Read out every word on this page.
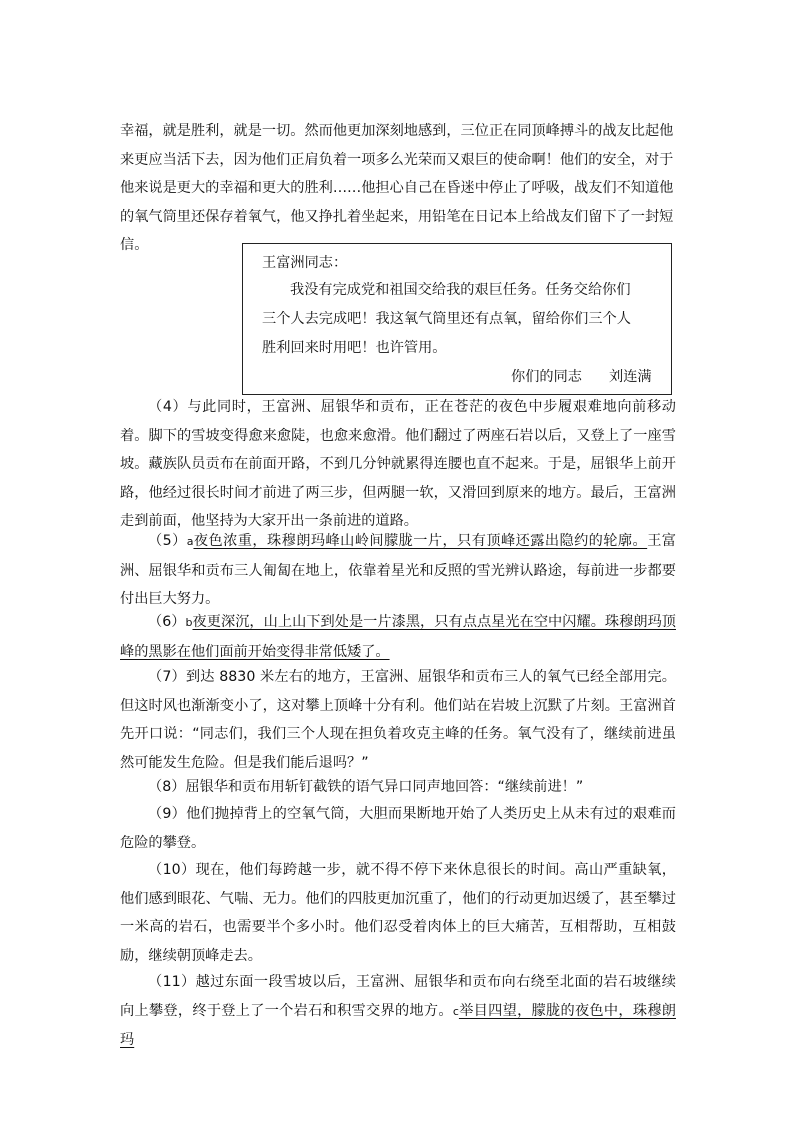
幸福，就是胜利，就是一切。然而他更加深刻地感到，三位正在同顶峰搏斗的战友比起他
来更应当活下去，因为他们正肩负着一项多么光荣而又艰巨的使命啊！他们的安全，对于
他来说是更大的幸福和更大的胜利……他担心自己在昏迷中停止了呼吸，战友们不知道他
的氧气筒里还保存着氧气，他又挣扎着坐起来，用铅笔在日记本上给战友们留下了一封短
信。
王富洲同志：
我没有完成党和祖国交给我的艰巨任务。任务交给你们
三个人去完成吧！我这氧气筒里还有点氧，留给你们三个人
胜利回来时用吧！也许管用。
你们的同志 刘连满

（4）与此同时，王富洲、屈银华和贡布，正在苍茫的夜色中步履艰难地向前移动着。脚下的雪坡变得愈来愈陡，也愈来愈滑。他们翻过了两座石岩以后，又登上了一座雪坡。藏族队员贡布在前面开路，不到几分钟就累得连腰也直不起来。于是，屈银华上前开路，他经过很长时间才前进了两三步，但两腿一软，又滑回到原来的地方。最后，王富洲走到前面，他坚持为大家开出一条前进的道路。

（5）a夜色浓重，珠穆朗玛峰山岭间朦胧一片，只有顶峰还露出隐约的轮廓。王富洲、屈银华和贡布三人匍匐在地上，依靠着星光和反照的雪光辨认路途，每前进一步都要付出巨大努力。

（6）b夜更深沉，山上山下到处是一片漆黑，只有点点星光在空中闪耀。珠穆朗玛顶峰的黑影在他们面前开始变得非常低矮了。

（7）到达 8830 米左右的地方，王富洲、屈银华和贡布三人的氧气已经全部用完。但这时风也渐渐变小了，这对攀上顶峰十分有利。他们站在岩坡上沉默了片刻。王富洲首先开口说：“同志们，我们三个人现在担负着攻克主峰的任务。氧气没有了，继续前进虽然可能发生危险。但是我们能后退吗？”

（8）屈银华和贡布用斩钉截铁的语气异口同声地回答：“继续前进！”

（9）他们抛掉背上的空氧气筒，大胆而果断地开始了人类历史上从未有过的艰难而危险的攀登。

（10）现在，他们每跨越一步，就不得不停下来休息很长的时间。高山严重缺氧，他们感到眼花、气喘、无力。他们的四肢更加沉重了，他们的行动更加迟缓了，甚至攀过一米高的岩石，也需要半个多小时。他们忍受着肉体上的巨大痛苦，互相帮助，互相鼓励，继续朝顶峰走去。

（11）越过东面一段雪坡以后，王富洲、屈银华和贡布向右绕至北面的岩石坡继续向上攀登，终于登上了一个岩石和积雪交界的地方。c举目四望，朦胧的夜色中，珠穆朗玛
